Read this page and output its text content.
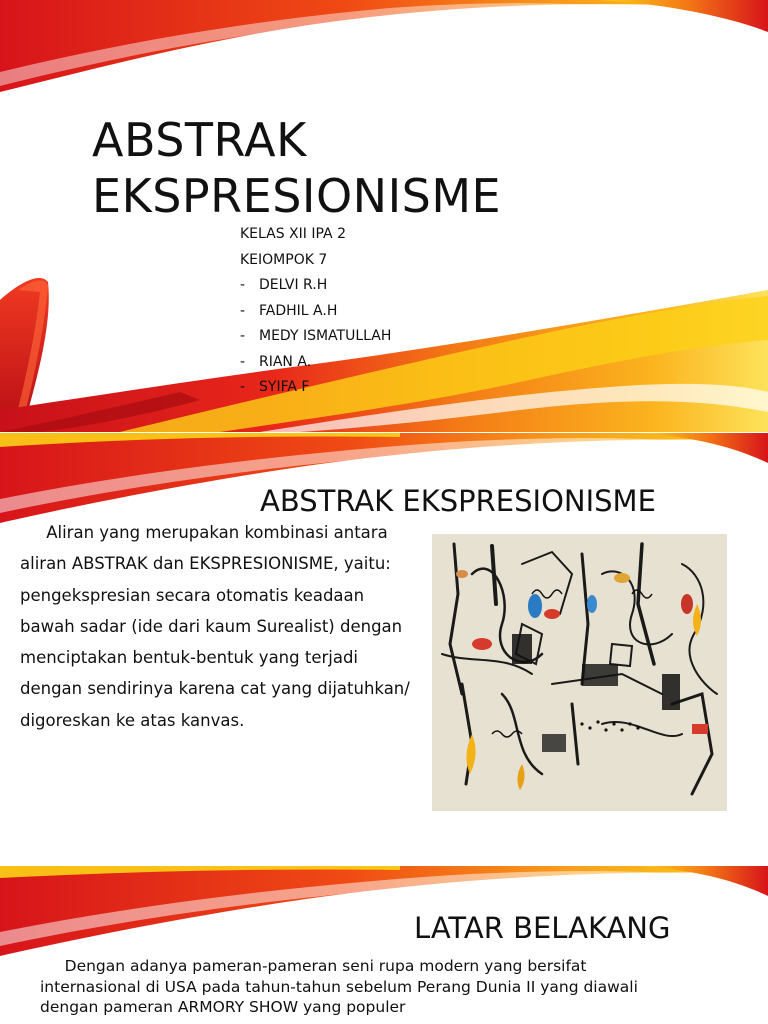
ABSTRAK
EKSPRESIONISME
KELAS XII IPA 2
KEIOMPOK 7
- DELVI R.H
- FADHIL A.H
- MEDY ISMATULLAH
- RIAN A.
- SYIFA F
ABSTRAK EKSPRESIONISME

Aliran yang merupakan kombinasi antara aliran ABSTRAK dan EKSPRESIONISME, yaitu: pengekspresian secara otomatis keadaan bawah sadar (ide dari kaum Surealist) dengan menciptakan bentuk-bentuk yang terjadi dengan sendirinya karena cat yang dijatuhkan/ digoreskan ke atas kanvas.

LATAR BELAKANG

Dengan adanya pameran-pameran seni rupa modern yang bersifat internasional di USA pada tahun-tahun sebelum Perang Dunia II yang diawali dengan pameran ARMORY SHOW yang populer
